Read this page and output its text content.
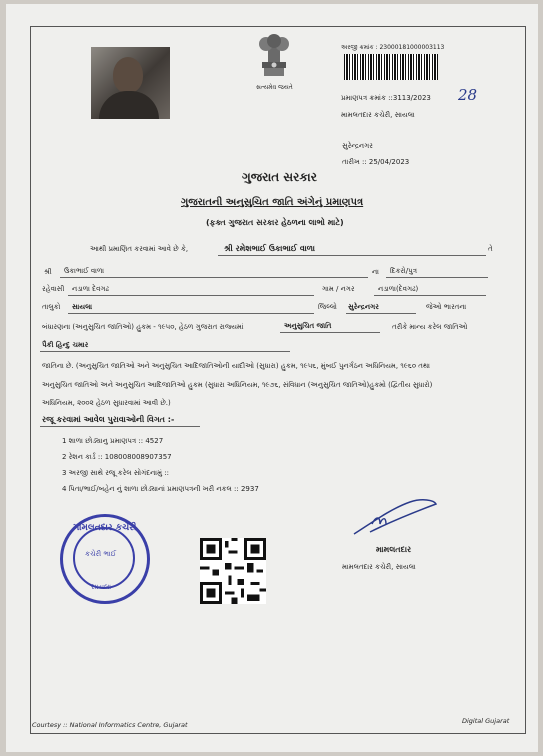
સત્યમેવ જયતે
અરજી ક્રમાંક : 23000181000003113
પ્રમાણપત્ર ક્રમાંક ::3113/2023 28
મામલતદાર કચેરી, સાયલા
સુરેન્દ્રનગર
તારીખ :: 25/04/2023
ગુજરાત સરકાર
ગુજરાતની અનુસુચિત જાતિ અંગેનું પ્રમાણપત્ર
(ફક્ત ગુજરાત સરકાર હેઠળના લાભો માટે)
આથી પ્રમાણિત કરવામાં આવે છે કે,	શ્રી રમેશભાઈ ઉકાભાઈ વાળા	તે
શ્રી ઉકાભાઈ વાળા	ના દિકરો/પુત્ર
રહેવાસી નડાળા દેવગઢ	ગામ / નગર	નડાળા(દેવગઢ)
તાલુકો સાયલા	જિલ્લો સુરેન્દ્રનગર	જેઓ ભારતના
બંધારણના (અનુસુચિત જાતિઓ) હુકમ - ૧૯૫૦, હેઠળ ગુજરાત રાજ્યમાં	અનુસુચિત જાતિ	તરીકે માન્ય કરેલ જાતિઓ
પૈકી હિન્દુ ચમાર
જાતિના છે. (અનુસુચિત જાતિઓ અને અનુસુચિત આદિજાતિઓની યાદીઓ (સુધારા) હુકમ, ૧૯૫૬, મુંબઈ પુનર્ગઠન અધિનિયમ, ૧૯૬૦ તથા
અનુસુચિત જાતિઓ અને અનુસુચિત આદિજાતિઓ હુકમ (સુધારા અધિનિયમ, ૧૯૭૬, સંવિધાન (અનુસુચિત જાતિઓ)હુકમો (દ્વિતીય સુધારો)
અધિનિયમ, ૨૦૦૨ હેઠળ સુધારવામાં આવી છે.)
રજૂ કરવામાં આવેલ પુરાવાઓની વિગત :-
1 શાળા છોડ્યાનુ પ્રમાણપત્ર :: 4527
2 રેશન કાર્ડ :: 108008008907357
3 અરજી સાથે રજૂ કરેલ સોગંદનામું ::
4 પિતા/ભાઈ/બહેન નું શાળા છોડ્યાનાં પ્રમાણપત્રની ખરી નકલ :: 2937
મામલતદાર કચેરી
કચેરી ભાઈ
સાયલા
મામલતદાર
મામલતદાર કચેરી, સાયલા
Courtesy :: National Informatics Centre, Gujarat	Digital Gujarat
